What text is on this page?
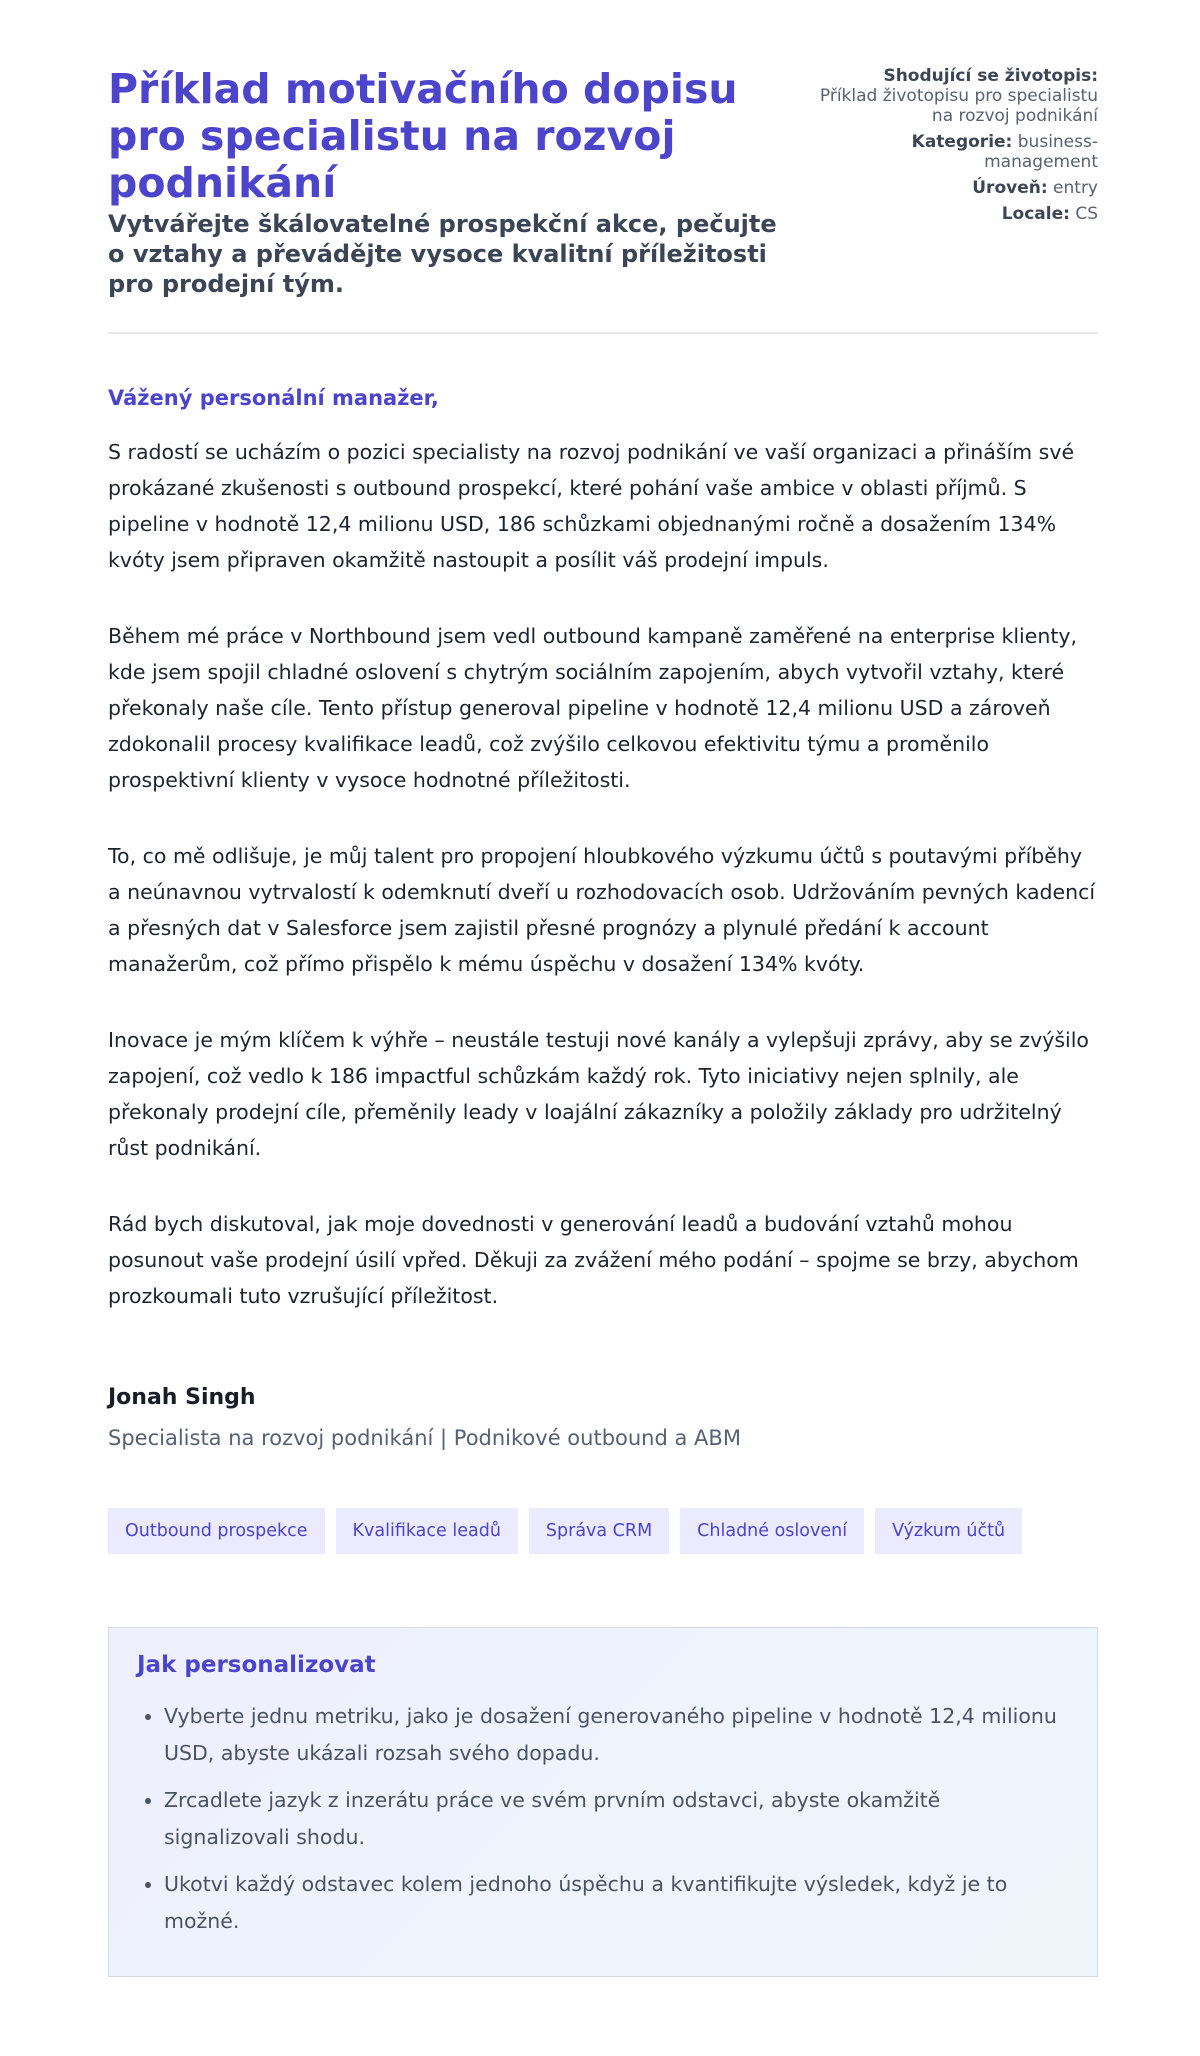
Příklad motivačního dopisu pro specialistu na rozvoj podnikání
Vytvářejte škálovatelné prospekční akce, pečujte o vztahy a převádějte vysoce kvalitní příležitosti pro prodejní tým.
Shodující se životopis:
Příklad životopisu pro specialistu na rozvoj podnikání
Kategorie: business-management
Úroveň: entry
Locale: CS
Vážený personální manažer,

S radostí se ucházím o pozici specialisty na rozvoj podnikání ve vaší organizaci a přináším své prokázané zkušenosti s outbound prospekcí, které pohání vaše ambice v oblasti příjmů. S pipeline v hodnotě 12,4 milionu USD, 186 schůzkami objednanými ročně a dosažením 134% kvóty jsem připraven okamžitě nastoupit a posílit váš prodejní impuls.

Během mé práce v Northbound jsem vedl outbound kampaně zaměřené na enterprise klienty, kde jsem spojil chladné oslovení s chytrým sociálním zapojením, abych vytvořil vztahy, které překonaly naše cíle. Tento přístup generoval pipeline v hodnotě 12,4 milionu USD a zároveň zdokonalil procesy kvalifikace leadů, což zvýšilo celkovou efektivitu týmu a proměnilo prospektivní klienty v vysoce hodnotné příležitosti.

To, co mě odlišuje, je můj talent pro propojení hloubkového výzkumu účtů s poutavými příběhy a neúnavnou vytrvalostí k odemknutí dveří u rozhodovacích osob. Udržováním pevných kadencí a přesných dat v Salesforce jsem zajistil přesné prognózy a plynulé předání k account manažerům, což přímo přispělo k mému úspěchu v dosažení 134% kvóty.

Inovace je mým klíčem k výhře – neustále testuji nové kanály a vylepšuji zprávy, aby se zvýšilo zapojení, což vedlo k 186 impactful schůzkám každý rok. Tyto iniciativy nejen splnily, ale překonaly prodejní cíle, přeměnily leady v loajální zákazníky a položily základy pro udržitelný růst podnikání.

Rád bych diskutoval, jak moje dovednosti v generování leadů a budování vztahů mohou posunout vaše prodejní úsilí vpřed. Děkuji za zvážení mého podání – spojme se brzy, abychom prozkoumali tuto vzrušující příležitost.

Jonah Singh
Specialista na rozvoj podnikání | Podnikové outbound a ABM
Outbound prospekce	Kvalifikace leadů	Správa CRM	Chladné oslovení	Výzkum účtů
Jak personalizovat
• Vyberte jednu metriku, jako je dosažení generovaného pipeline v hodnotě 12,4 milionu USD, abyste ukázali rozsah svého dopadu.
• Zrcadlete jazyk z inzerátu práce ve svém prvním odstavci, abyste okamžitě signalizovali shodu.
• Ukotvi každý odstavec kolem jednoho úspěchu a kvantifikujte výsledek, když je to možné.
